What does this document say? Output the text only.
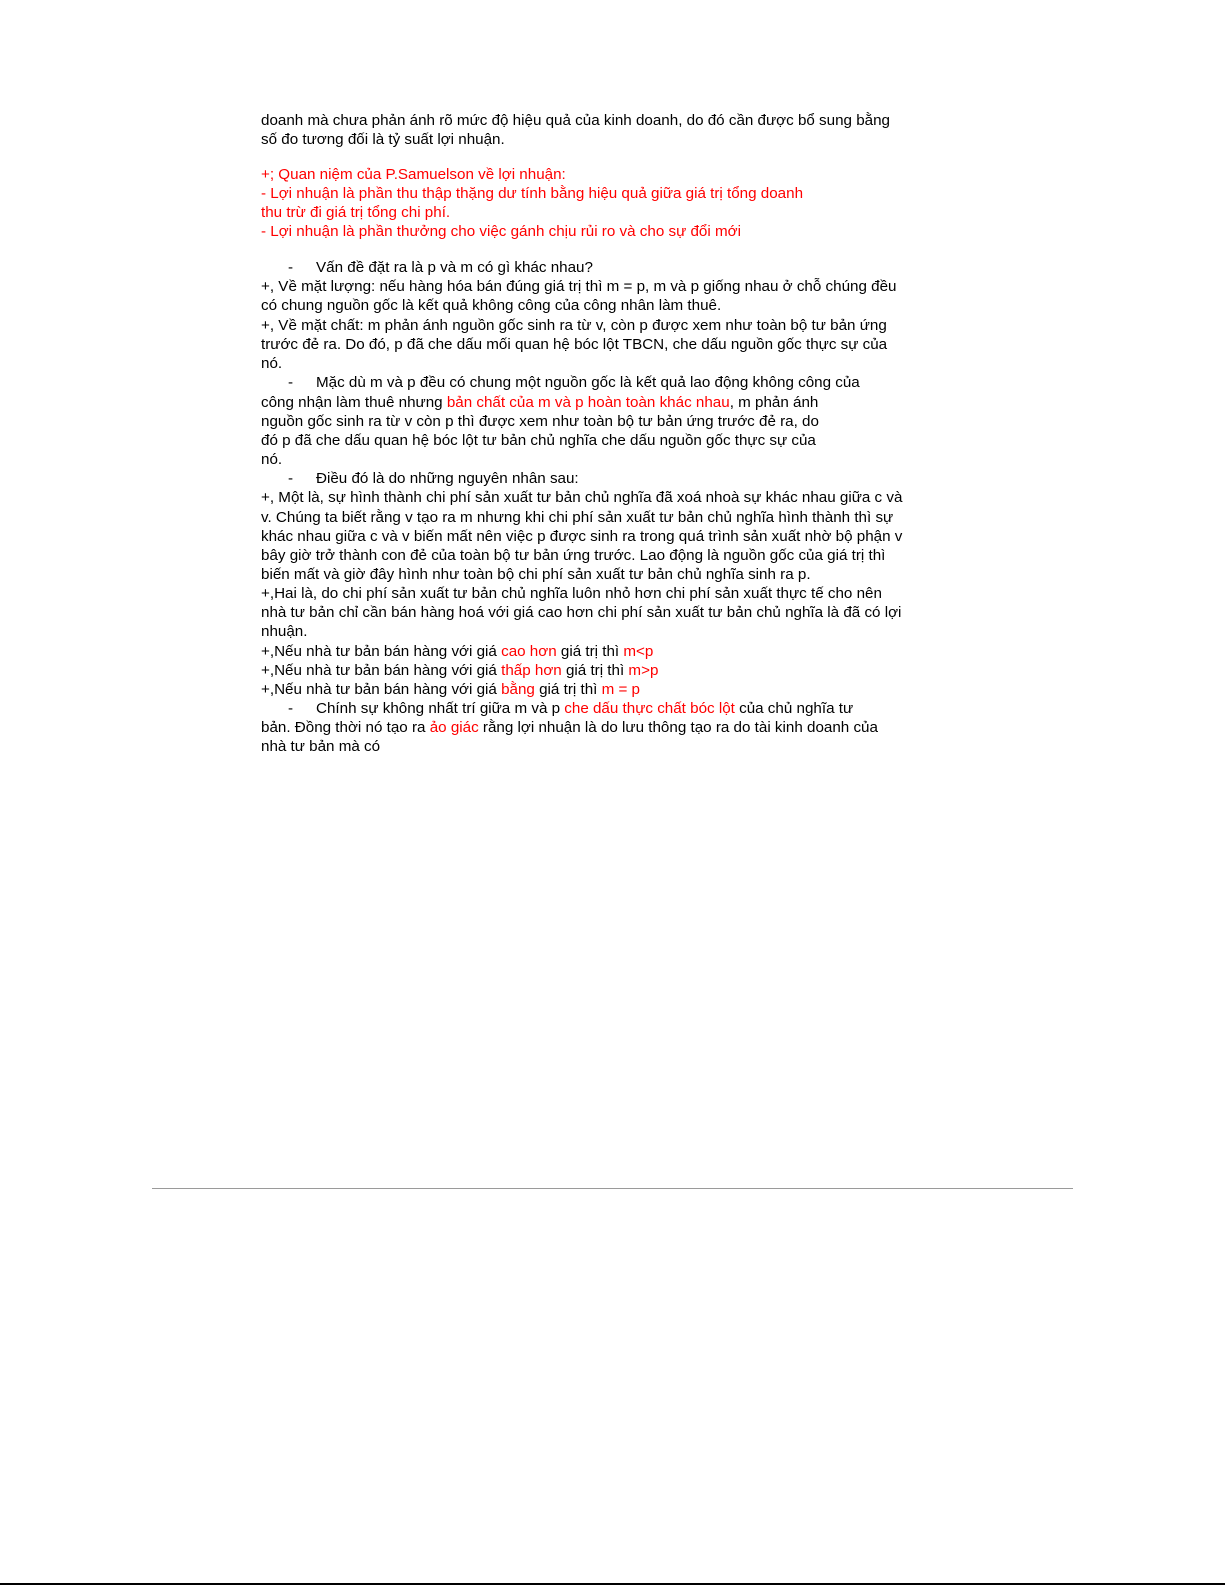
doanh mà chưa phản ánh rõ mức độ hiệu quả của kinh doanh, do đó cần được bổ sung bằng

số đo tương đối là tỷ suất lợi nhuận.

+; Quan niệm của P.Samuelson về lợi nhuận:

- Lợi nhuận là phần thu thập thặng dư tính bằng hiệu quả giữa giá trị tổng doanh

thu trừ đi giá trị tổng chi phí.

- Lợi nhuận là phần thưởng cho việc gánh chịu rủi ro và cho sự đổi mới

- Vấn đề đặt ra là p và m có gì khác nhau?

+, Về mặt lượng: nếu hàng hóa bán đúng giá trị thì m = p, m và p giống nhau ở chỗ chúng đều

có chung nguồn gốc là kết quả không công của công nhân làm thuê.

+, Về mặt chất: m phản ánh nguồn gốc sinh ra từ v, còn p được xem như toàn bộ tư bản ứng

trước đẻ ra. Do đó, p đã che dấu mối quan hệ bóc lột TBCN, che dấu nguồn gốc thực sự của

nó.

- Mặc dù m và p đều có chung một nguồn gốc là kết quả lao động không công của

công nhận làm thuê nhưng bản chất của m và p hoàn toàn khác nhau, m phản ánh

nguồn gốc sinh ra từ v còn p thì được xem như toàn bộ tư bản ứng trước đẻ ra, do

đó p đã che dấu quan hệ bóc lột tư bản chủ nghĩa che dấu nguồn gốc thực sự của

nó.

- Điều đó là do những nguyên nhân sau:

+, Một là, sự hình thành chi phí sản xuất tư bản chủ nghĩa đã xoá nhoà sự khác nhau giữa c và

v. Chúng ta biết rằng v tạo ra m nhưng khi chi phí sản xuất tư bản chủ nghĩa hình thành thì sự

khác nhau giữa c và v biến mất nên việc p được sinh ra trong quá trình sản xuất nhờ bộ phận v

bây giờ trở thành con đẻ của toàn bộ tư bản ứng trước. Lao động là nguồn gốc của giá trị thì

biến mất và giờ đây hình như toàn bộ chi phí sản xuất tư bản chủ nghĩa sinh ra p.

+,Hai là, do chi phí sản xuất tư bản chủ nghĩa luôn nhỏ hơn chi phí sản xuất thực tế cho nên

nhà tư bản chỉ cần bán hàng hoá với giá cao hơn chi phí sản xuất tư bản chủ nghĩa là đã có lợi

nhuận.

+,Nếu nhà tư bản bán hàng với giá cao hơn giá trị thì m<p

+,Nếu nhà tư bản bán hàng với giá thấp hơn giá trị thì m>p

+,Nếu nhà tư bản bán hàng với giá bằng giá trị thì m = p

- Chính sự không nhất trí giữa m và p che dấu thực chất bóc lột của chủ nghĩa tư

bản. Đồng thời nó tạo ra ảo giác rằng lợi nhuận là do lưu thông tạo ra do tài kinh doanh của

nhà tư bản mà có
